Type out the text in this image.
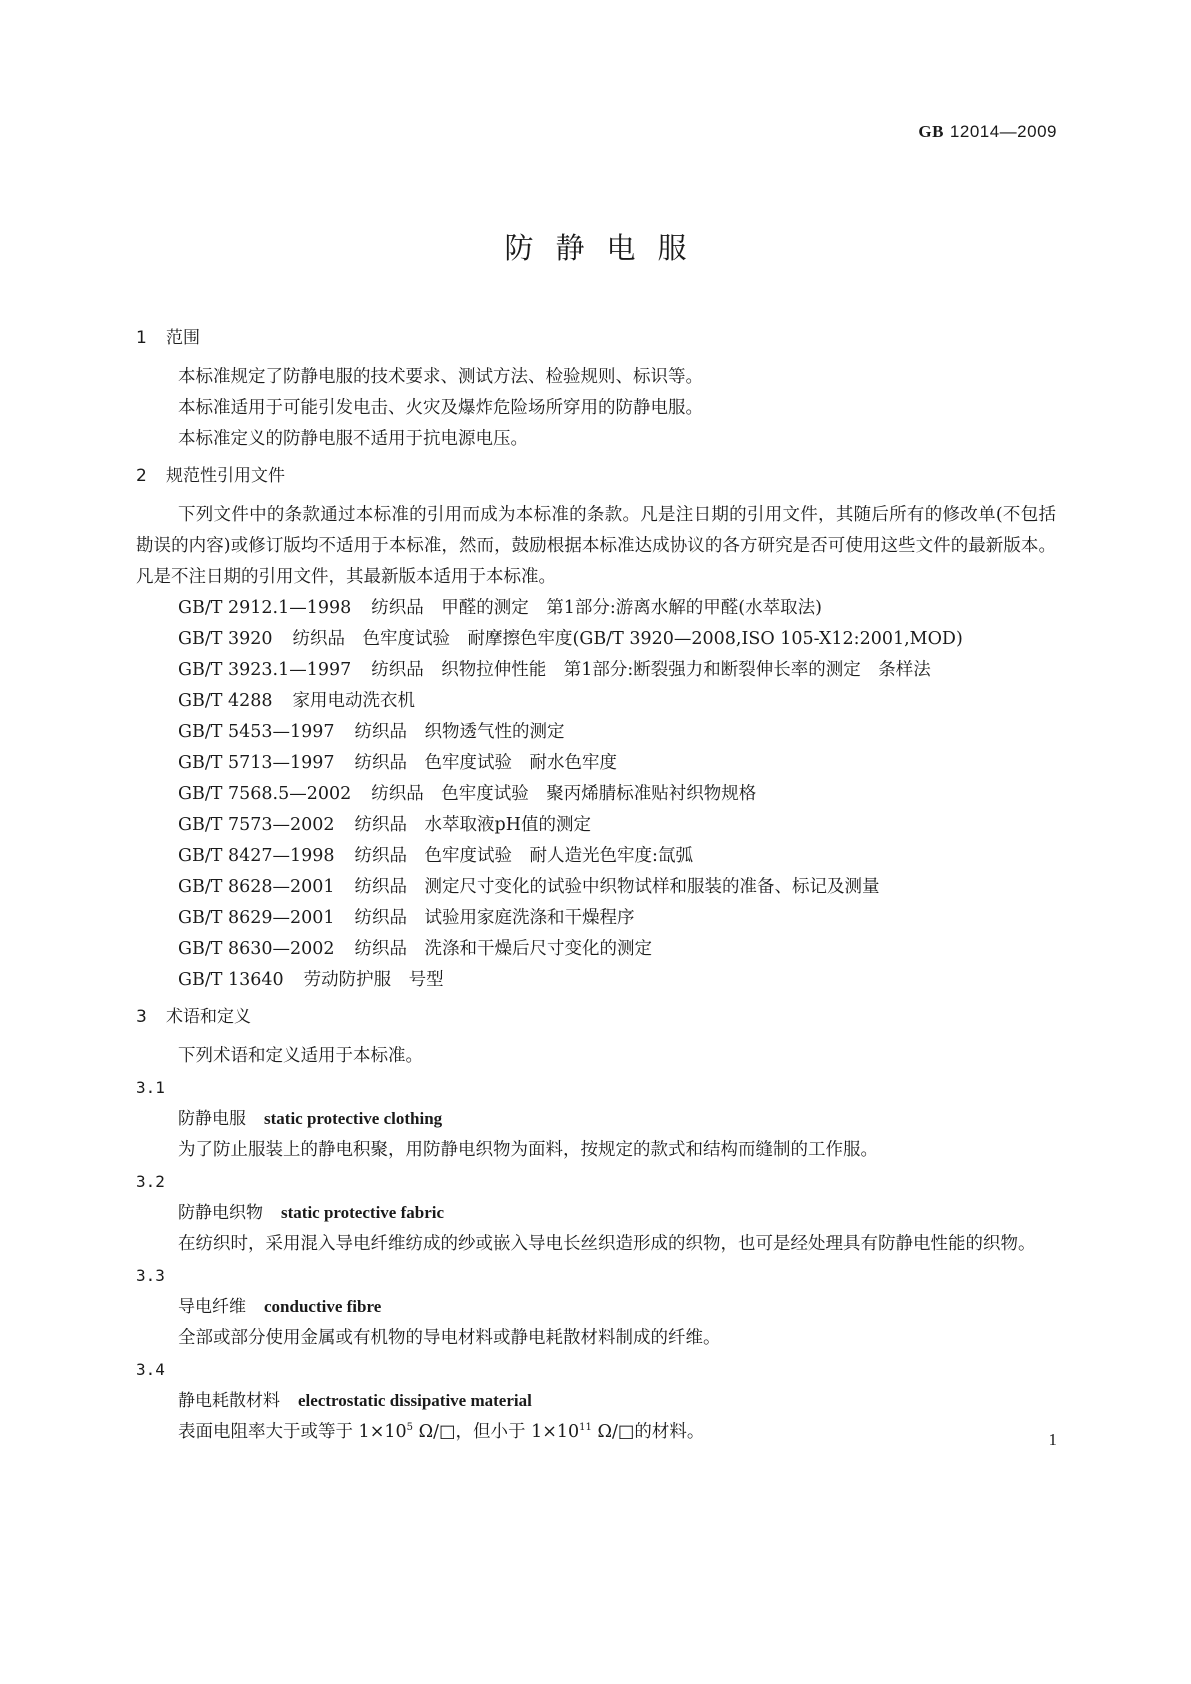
GB 12014—2009
防静电服
1 范围

本标准规定了防静电服的技术要求、测试方法、检验规则、标识等。

本标准适用于可能引发电击、火灾及爆炸危险场所穿用的防静电服。

本标准定义的防静电服不适用于抗电源电压。

2 规范性引用文件

下列文件中的条款通过本标准的引用而成为本标准的条款。凡是注日期的引用文件，其随后所有的修改单(不包括勘误的内容)或修订版均不适用于本标准，然而，鼓励根据本标准达成协议的各方研究是否可使用这些文件的最新版本。凡是不注日期的引用文件，其最新版本适用于本标准。

GB/T 2912.1—1998 纺织品　甲醛的测定　第1部分:游离水解的甲醛(水萃取法)

GB/T 3920 纺织品　色牢度试验　耐摩擦色牢度(GB/T 3920—2008,ISO 105-X12:2001,MOD)

GB/T 3923.1—1997 纺织品　织物拉伸性能　第1部分:断裂强力和断裂伸长率的测定　条样法

GB/T 4288 家用电动洗衣机

GB/T 5453—1997 纺织品　织物透气性的测定

GB/T 5713—1997 纺织品　色牢度试验　耐水色牢度

GB/T 7568.5—2002 纺织品　色牢度试验　聚丙烯腈标准贴衬织物规格

GB/T 7573—2002 纺织品　水萃取液pH值的测定

GB/T 8427—1998 纺织品　色牢度试验　耐人造光色牢度:氙弧

GB/T 8628—2001 纺织品　测定尺寸变化的试验中织物试样和服装的准备、标记及测量

GB/T 8629—2001 纺织品　试验用家庭洗涤和干燥程序

GB/T 8630—2002 纺织品　洗涤和干燥后尺寸变化的测定

GB/T 13640 劳动防护服　号型

3 术语和定义

下列术语和定义适用于本标准。

3.1

防静电服 static protective clothing

为了防止服装上的静电积聚，用防静电织物为面料，按规定的款式和结构而缝制的工作服。

3.2

防静电织物 static protective fabric

在纺织时，采用混入导电纤维纺成的纱或嵌入导电长丝织造形成的织物，也可是经处理具有防静电性能的织物。

3.3

导电纤维 conductive fibre

全部或部分使用金属或有机物的导电材料或静电耗散材料制成的纤维。

3.4

静电耗散材料 electrostatic dissipative material

表面电阻率大于或等于 $1\times 10^5$ Ω/□，但小于 $1\times 10^{11}$ Ω/□的材料。	1
